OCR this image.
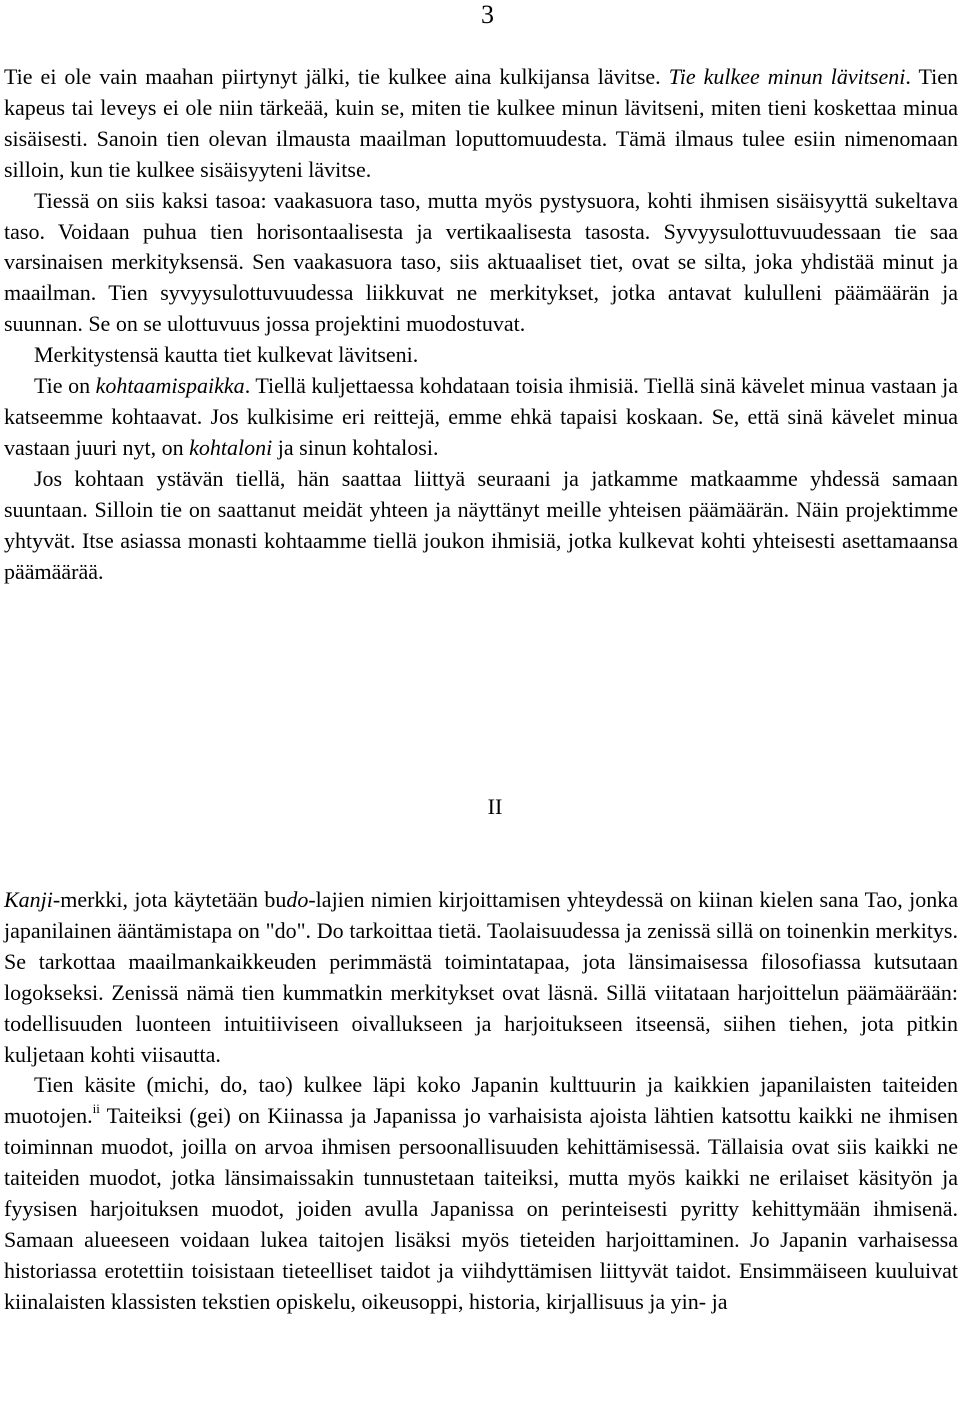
3

Tie ei ole vain maahan piirtynyt jälki, tie kulkee aina kulkijansa lävitse. Tie kulkee minun lävitseni. Tien kapeus tai leveys ei ole niin tärkeää, kuin se, miten tie kulkee minun lävitseni, miten tieni koskettaa minua sisäisesti. Sanoin tien olevan ilmausta maailman loputtomuudesta. Tämä ilmaus tulee esiin nimenomaan silloin, kun tie kulkee sisäisyyteni lävitse.

Tiessä on siis kaksi tasoa: vaakasuora taso, mutta myös pystysuora, kohti ihmisen sisäisyyttä sukeltava taso. Voidaan puhua tien horisontaalisesta ja vertikaalisesta tasosta. Syvyysulottuvuudessaan tie saa varsinaisen merkityksensä. Sen vaakasuora taso, siis aktuaaliset tiet, ovat se silta, joka yhdistää minut ja maailman. Tien syvyysulottuvuudessa liikkuvat ne merkitykset, jotka antavat kululleni päämäärän ja suunnan. Se on se ulottuvuus jossa projektini muodostuvat.

Merkitystensä kautta tiet kulkevat lävitseni.

Tie on kohtaamispaikka. Tiellä kuljettaessa kohdataan toisia ihmisiä. Tiellä sinä kävelet minua vastaan ja katseemme kohtaavat. Jos kulkisime eri reittejä, emme ehkä tapaisi koskaan. Se, että sinä kävelet minua vastaan juuri nyt, on kohtaloni ja sinun kohtalosi.

Jos kohtaan ystävän tiellä, hän saattaa liittyä seuraani ja jatkamme matkaamme yhdessä samaan suuntaan. Silloin tie on saattanut meidät yhteen ja näyttänyt meille yhteisen päämäärän. Näin projektimme yhtyvät. Itse asiassa monasti kohtaamme tiellä joukon ihmisiä, jotka kulkevat kohti yhteisesti asettamaansa päämäärää.

II

Kanji-merkki, jota käytetään budo-lajien nimien kirjoittamisen yhteydessä on kiinan kielen sana Tao, jonka japanilainen ääntämistapa on "do". Do tarkoittaa tietä. Taolaisuudessa ja zenissä sillä on toinenkin merkitys. Se tarkottaa maailmankaikkeuden perimmästä toimintatapaa, jota länsimaisessa filosofiassa kutsutaan logokseksi. Zenissä nämä tien kummatkin merkitykset ovat läsnä. Sillä viitataan harjoittelun päämäärään: todellisuuden luonteen intuitiiviseen oivallukseen ja harjoitukseen itseensä, siihen tiehen, jota pitkin kuljetaan kohti viisautta.

Tien käsite (michi, do, tao) kulkee läpi koko Japanin kulttuurin ja kaikkien japanilaisten taiteiden muotojen.$^{ii}$ Taiteiksi (gei) on Kiinassa ja Japanissa jo varhaisista ajoista lähtien katsottu kaikki ne ihmisen toiminnan muodot, joilla on arvoa ihmisen persoonallisuuden kehittämisessä. Tällaisia ovat siis kaikki ne taiteiden muodot, jotka länsimaissakin tunnustetaan taiteiksi, mutta myös kaikki ne erilaiset käsityön ja fyysisen harjoituksen muodot, joiden avulla Japanissa on perinteisesti pyritty kehittymään ihmisenä. Samaan alueeseen voidaan lukea taitojen lisäksi myös tieteiden harjoittaminen. Jo Japanin varhaisessa historiassa erotettiin toisistaan tieteelliset taidot ja viihdyttämisen liittyvät taidot. Ensimmäiseen kuuluivat kiinalaisten klassisten tekstien opiskelu, oikeusoppi, historia, kirjallisuus ja yin- ja
